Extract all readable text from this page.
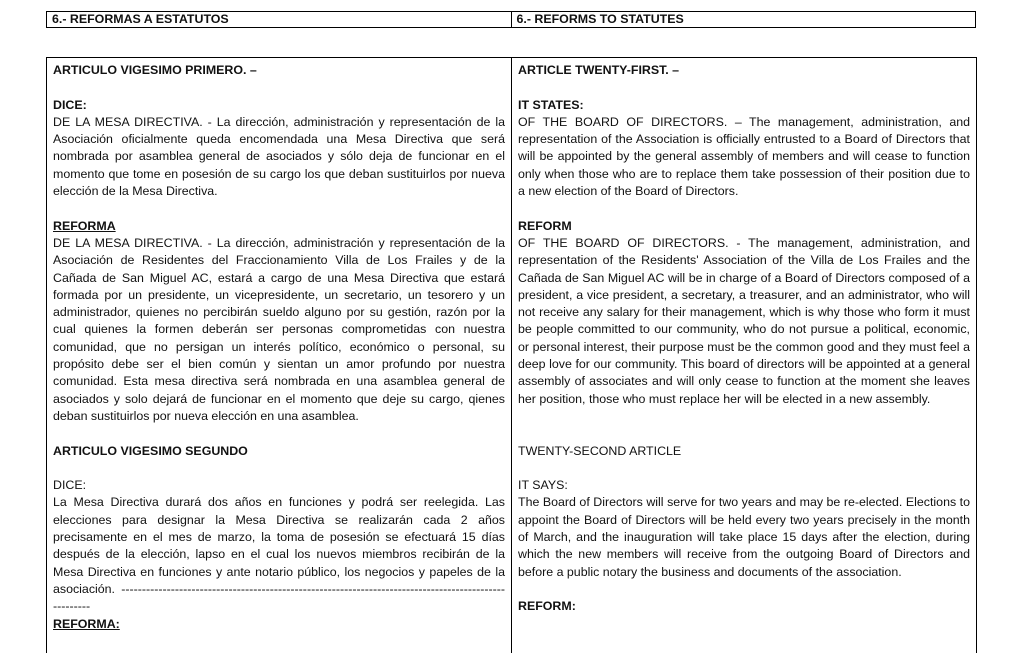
6.- REFORMAS A ESTATUTOS	6.- REFORMS TO STATUTES

ARTICULO VIGESIMO PRIMERO. –

DICE:

DE LA MESA DIRECTIVA. - La dirección, administración y representación de la Asociación oficialmente queda encomendada una Mesa Directiva que será nombrada por asamblea general de asociados y sólo deja de funcionar en el momento que tome en posesión de su cargo los que deban sustituirlos por nueva elección de la Mesa Directiva.

REFORMA

DE LA MESA DIRECTIVA. - La dirección, administración y representación de la Asociación de Residentes del Fraccionamiento Villa de Los Frailes y de la Cañada de San Miguel AC, estará a cargo de una Mesa Directiva que estará formada por un presidente, un vicepresidente, un secretario, un tesorero y un administrador, quienes no percibirán sueldo alguno por su gestión, razón por la cual quienes la formen deberán ser personas comprometidas con nuestra comunidad, que no persigan un interés político, económico o personal, su propósito debe ser el bien común y sientan un amor profundo por nuestra comunidad. Esta mesa directiva será nombrada en una asamblea general de asociados y solo dejará de funcionar en el momento que deje su cargo, qienes deban sustituirlos por nueva elección en una asamblea.

ARTICULO VIGESIMO SEGUNDO

DICE:

La Mesa Directiva durará dos años en funciones y podrá ser reelegida. Las elecciones para designar la Mesa Directiva se realizarán cada 2 años precisamente en el mes de marzo, la toma de posesión se efectuará 15 días después de la elección, lapso en el cual los nuevos miembros recibirán de la Mesa Directiva en funciones y ante notario público, los negocios y papeles de la asociación. ------------------------------------------------------------------------------------------------------

REFORMA:

ARTICLE TWENTY-FIRST. –

IT STATES:

OF THE BOARD OF DIRECTORS. – The management, administration, and representation of the Association is officially entrusted to a Board of Directors that will be appointed by the general assembly of members and will cease to function only when those who are to replace them take possession of their position due to a new election of the Board of Directors.

REFORM

OF THE BOARD OF DIRECTORS. - The management, administration, and representation of the Residents' Association of the Villa de Los Frailes and the Cañada de San Miguel AC will be in charge of a Board of Directors composed of a president, a vice president, a secretary, a treasurer, and an administrator, who will not receive any salary for their management, which is why those who form it must be people committed to our community, who do not pursue a political, economic, or personal interest, their purpose must be the common good and they must feel a deep love for our community. This board of directors will be appointed at a general assembly of associates and will only cease to function at the moment she leaves her position, those who must replace her will be elected in a new assembly.

TWENTY-SECOND ARTICLE

IT SAYS:

The Board of Directors will serve for two years and may be re-elected. Elections to appoint the Board of Directors will be held every two years precisely in the month of March, and the inauguration will take place 15 days after the election, during which the new members will receive from the outgoing Board of Directors and before a public notary the business and documents of the association.

REFORM:
